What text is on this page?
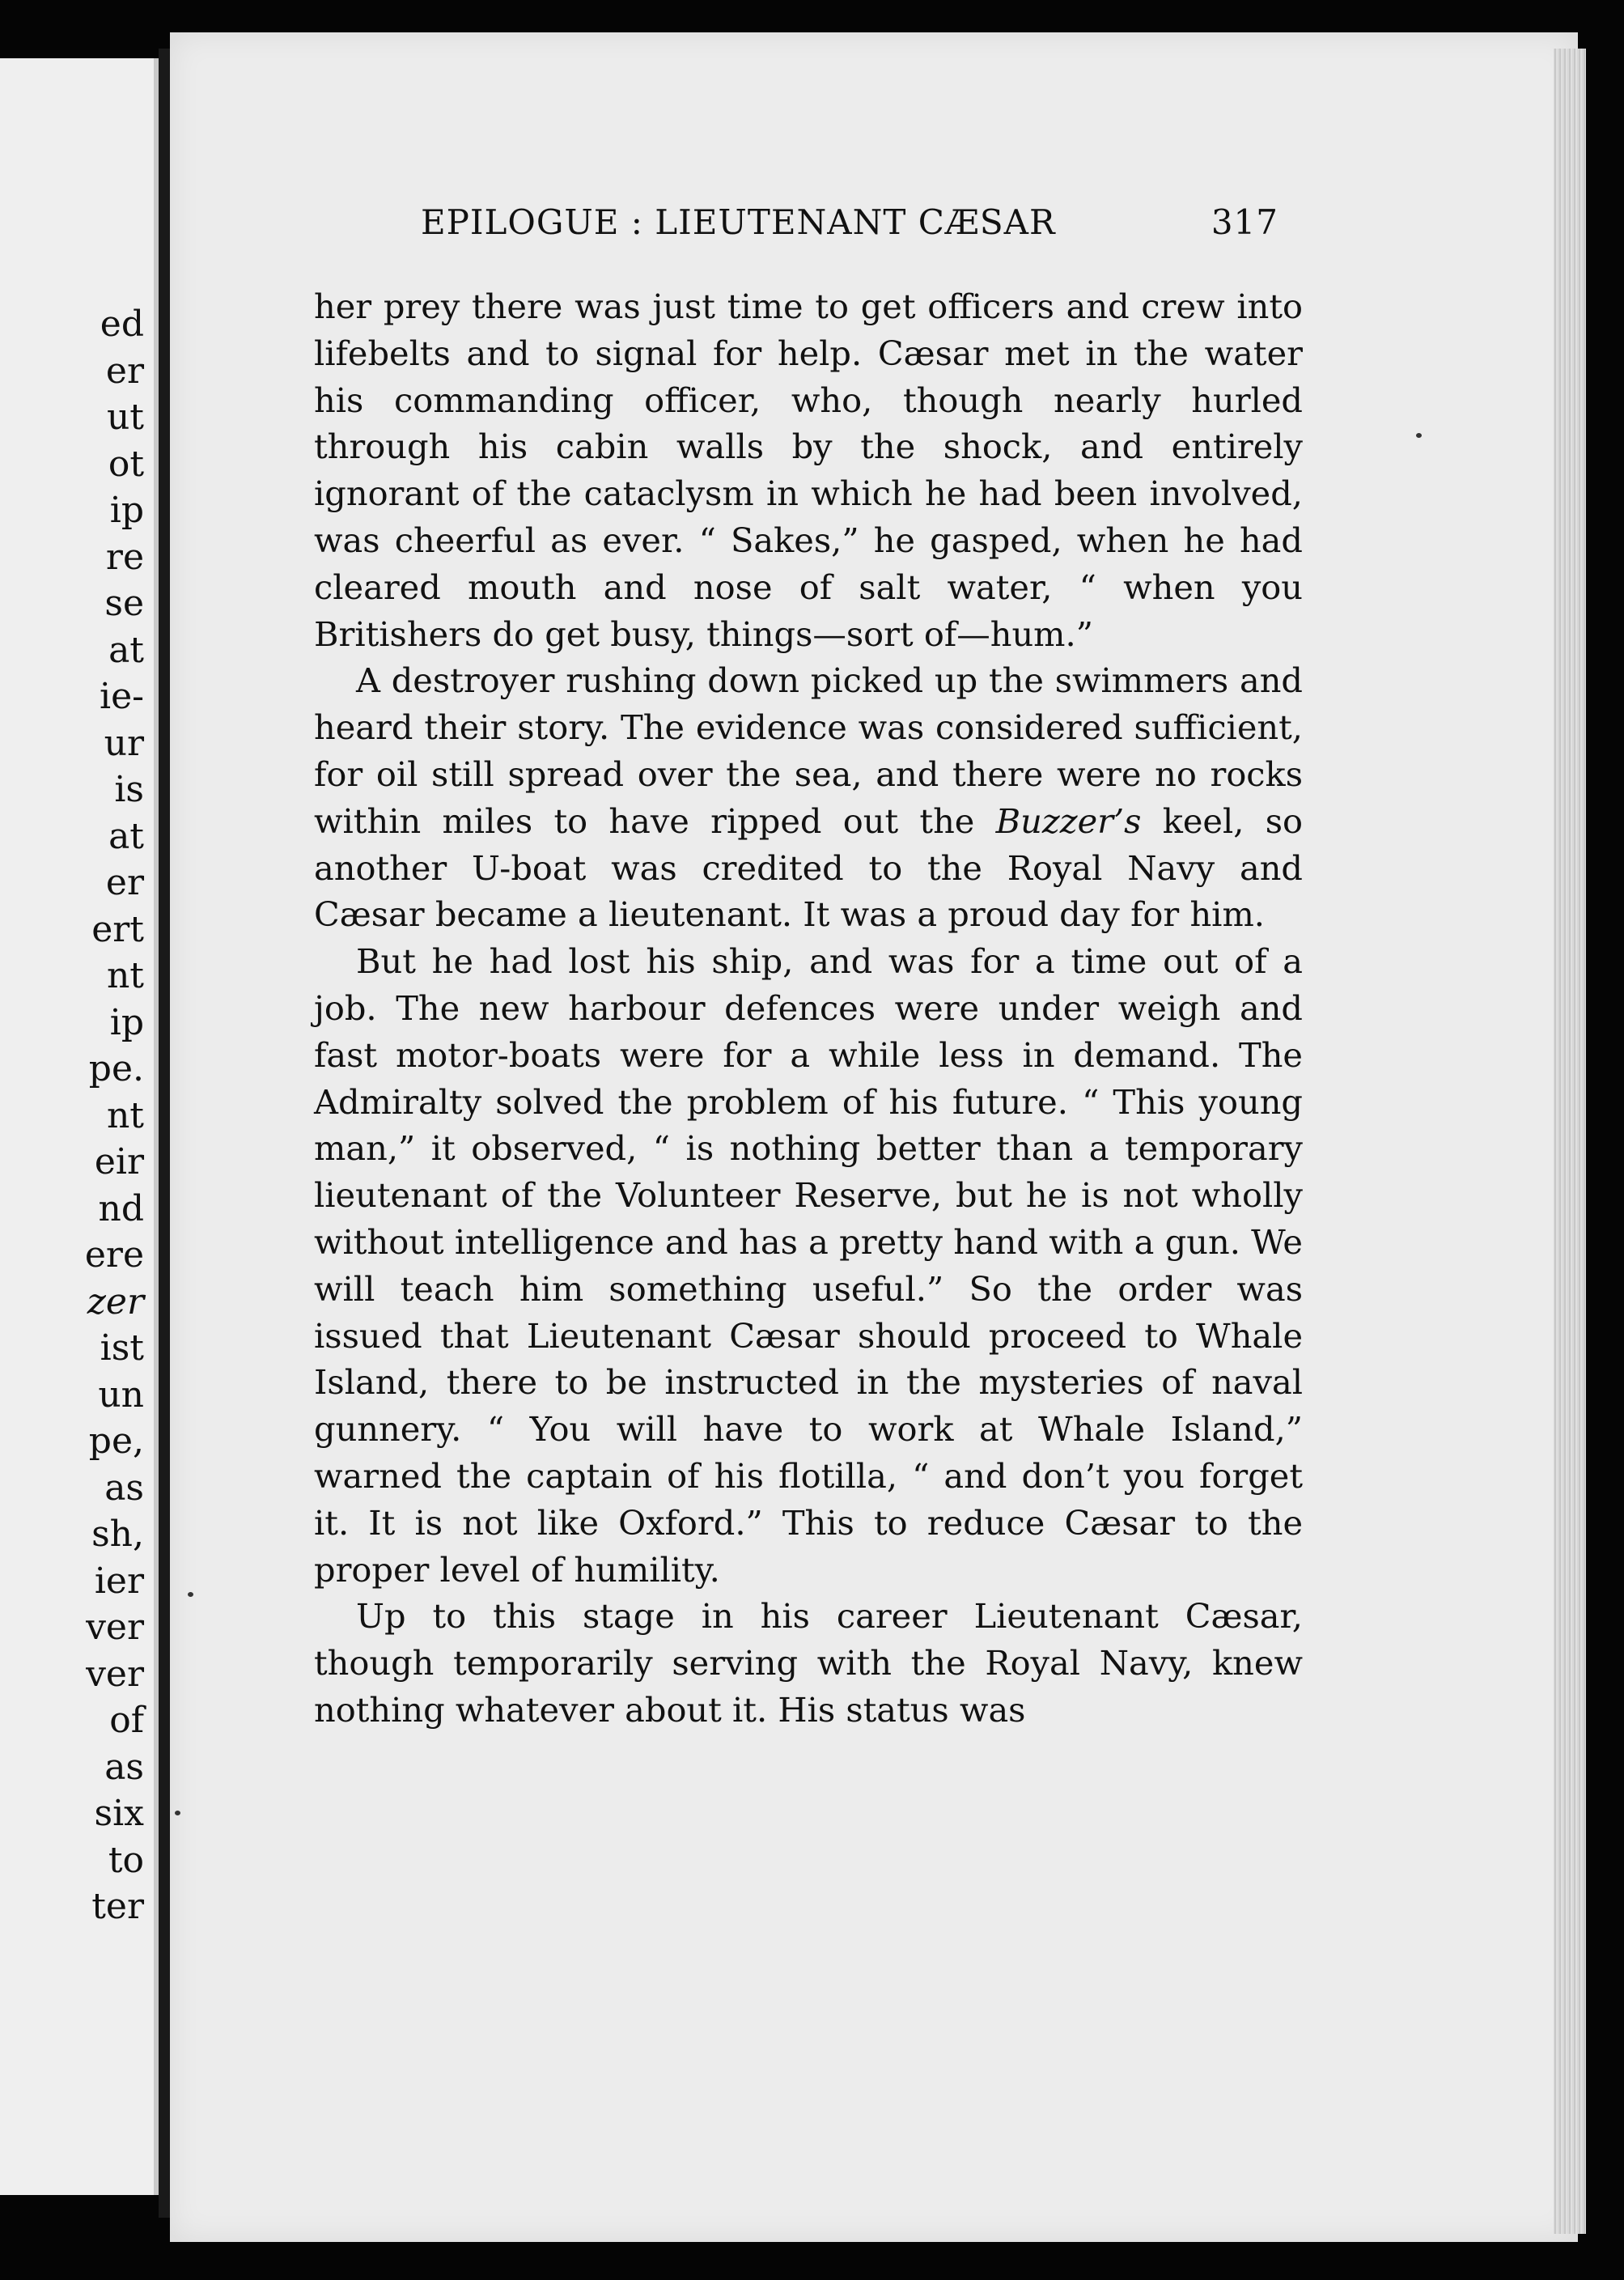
ed
er
ut
ot
ip
re
se
at
ie-
ur
is
at
er
ert
nt
ip
pe.
nt
eir
nd
ere
zer
ist
un
pe,
as
sh,
ier
ver
ver
of
as
six
to
ter
EPILOGUE : LIEUTENANT CÆSAR	317

her prey there was just time to get officers and crew into lifebelts and to signal for help. Cæsar met in the water his commanding officer, who, though nearly hurled through his cabin walls by the shock, and entirely ignorant of the cataclysm in which he had been involved, was cheerful as ever. “ Sakes,” he gasped, when he had cleared mouth and nose of salt water, “ when you Britishers do get busy, things—sort of—hum.”

A destroyer rushing down picked up the swimmers and heard their story. The evidence was considered sufficient, for oil still spread over the sea, and there were no rocks within miles to have ripped out the Buzzer’s keel, so another U-boat was credited to the Royal Navy and Cæsar became a lieutenant. It was a proud day for him.

But he had lost his ship, and was for a time out of a job. The new harbour defences were under weigh and fast motor-boats were for a while less in demand. The Admiralty solved the problem of his future. “ This young man,” it observed, “ is nothing better than a temporary lieutenant of the Volunteer Reserve, but he is not wholly without intelligence and has a pretty hand with a gun. We will teach him something useful.” So the order was issued that Lieutenant Cæsar should proceed to Whale Island, there to be instructed in the mysteries of naval gunnery. “ You will have to work at Whale Island,” warned the captain of his flotilla, “ and don’t you forget it. It is not like Oxford.” This to reduce Cæsar to the proper level of humility.

Up to this stage in his career Lieutenant Cæsar, though temporarily serving with the Royal Navy, knew nothing whatever about it. His status was
